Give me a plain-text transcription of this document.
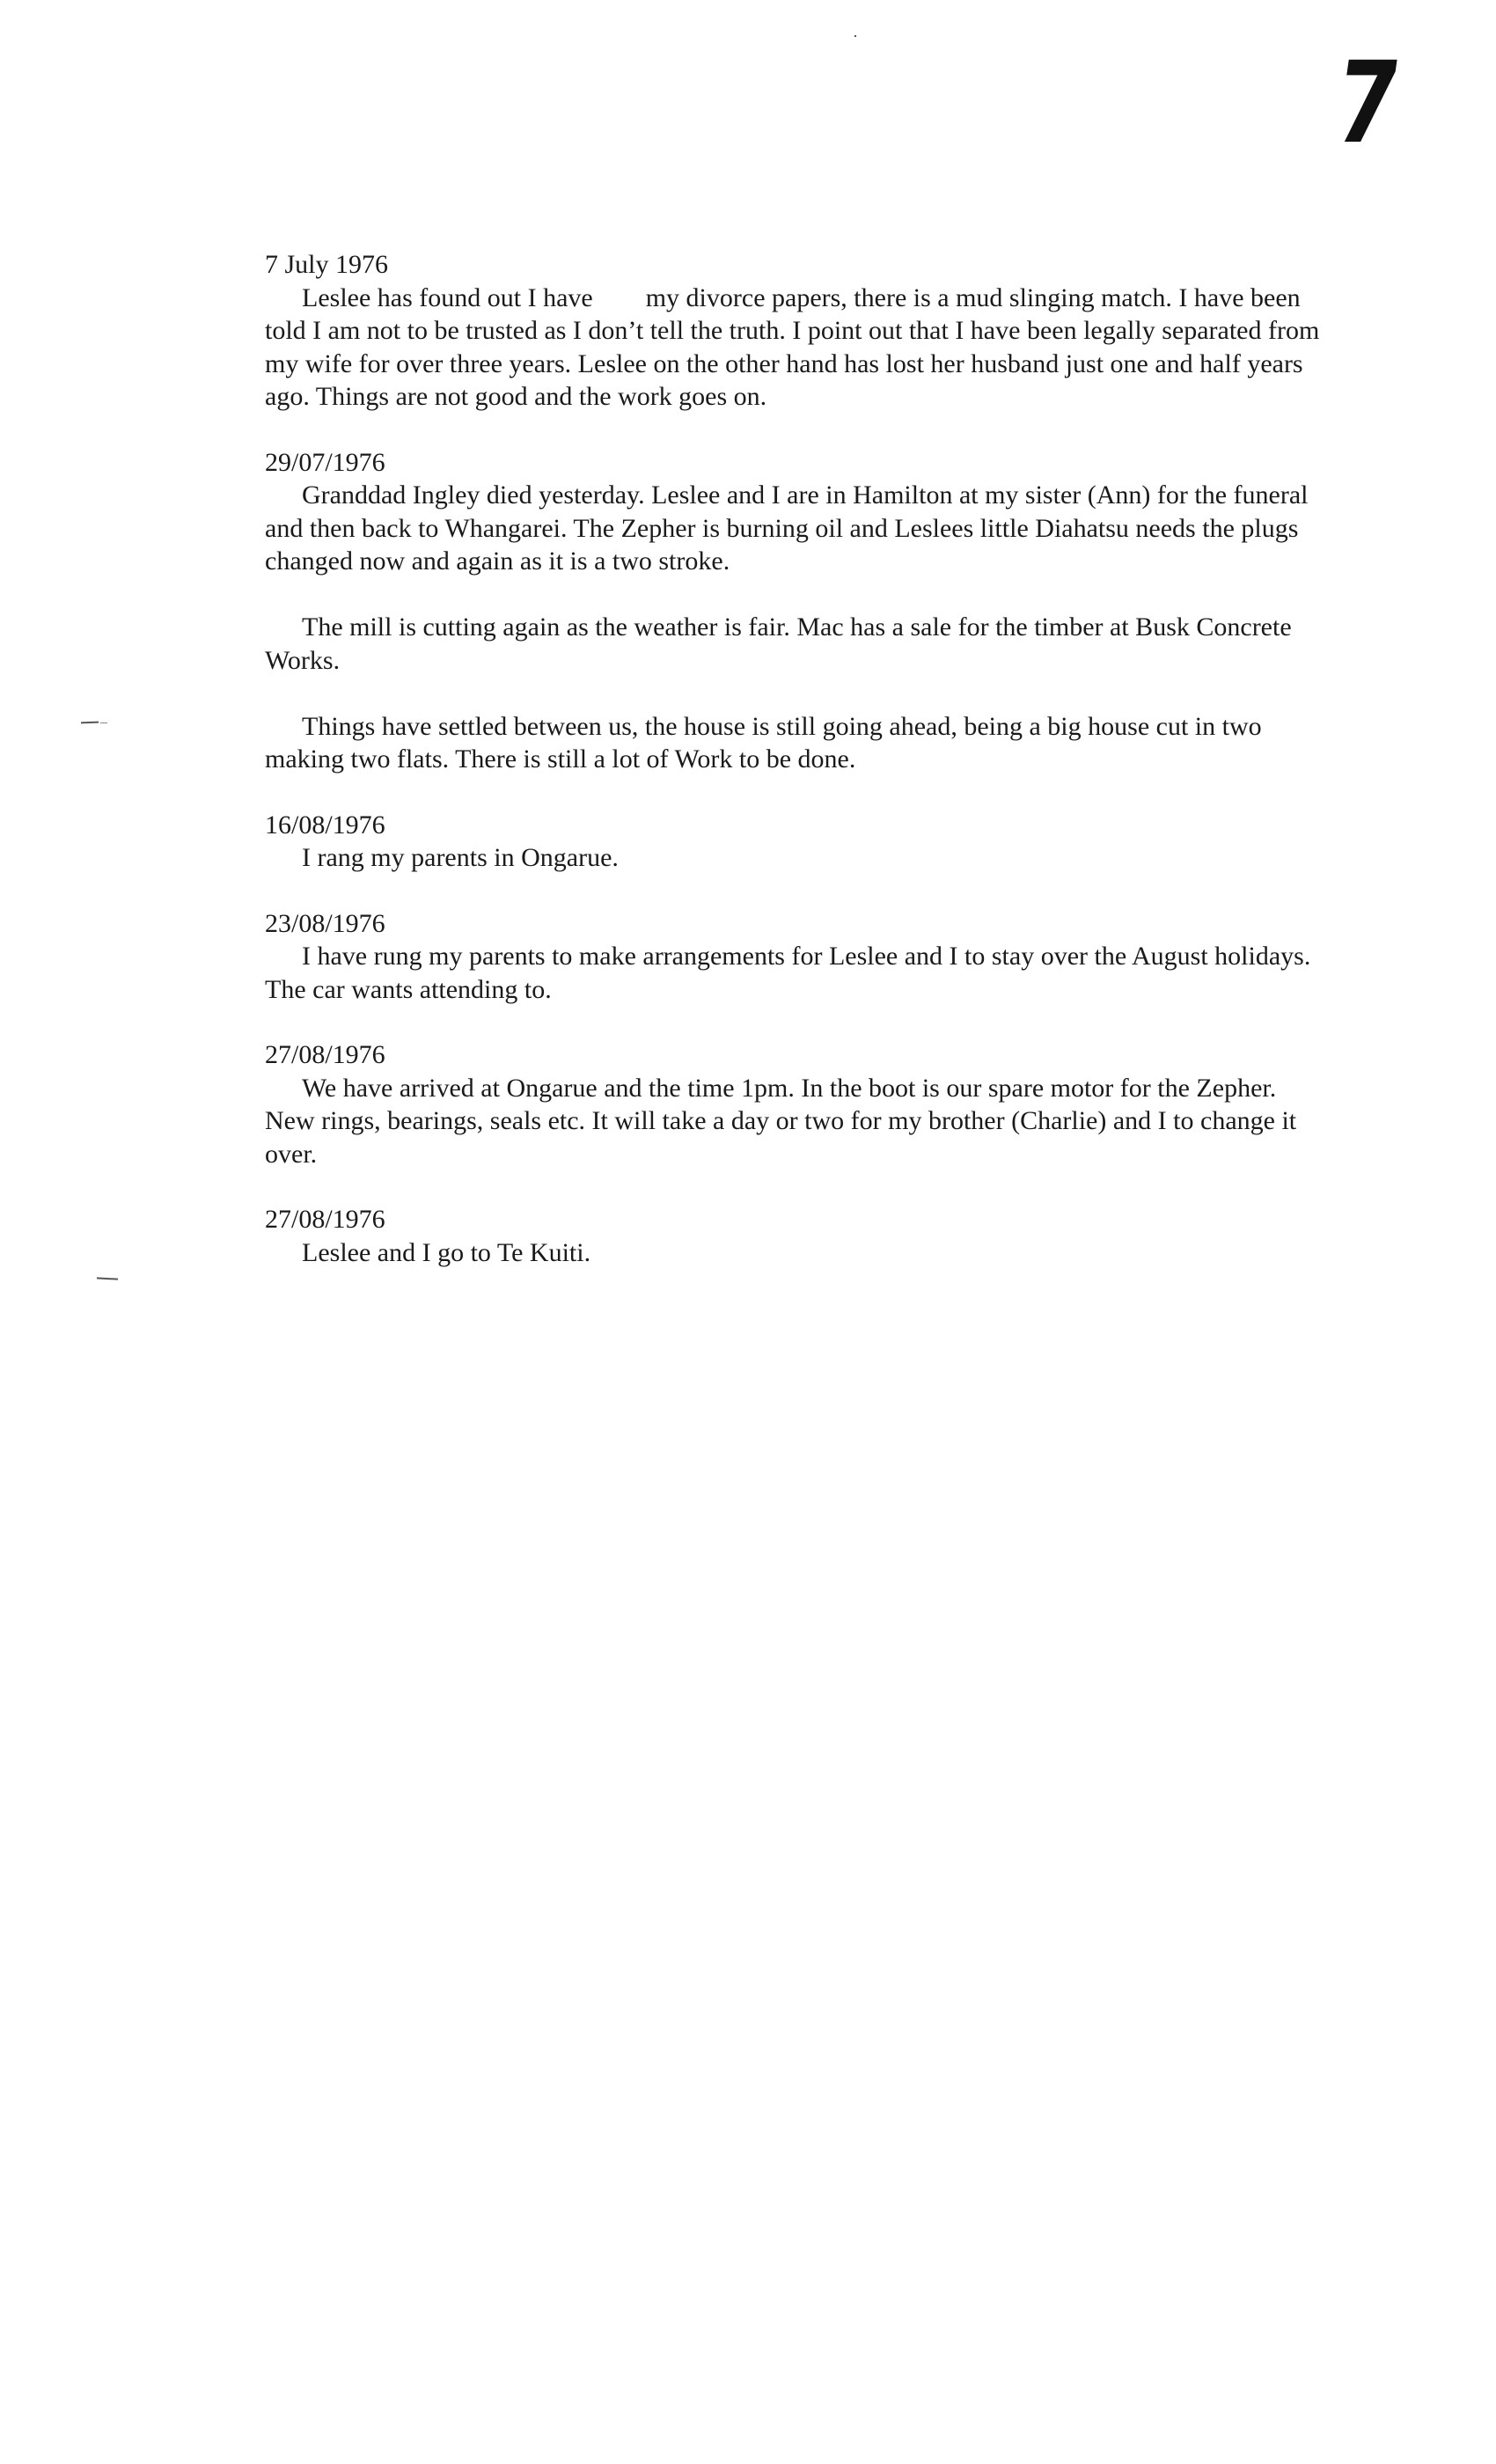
7

7 July 1976

Leslee has found out I have        my divorce papers, there is a mud slinging match. I have been told I am not to be trusted as I don’t tell the truth. I point out that I have been legally separated from my wife for over three years. Leslee on the other hand has lost her husband just one and half years ago. Things are not good and the work goes on.

29/07/1976

Granddad Ingley died yesterday. Leslee and I are in Hamilton at my sister (Ann) for the funeral and then back to Whangarei. The Zepher is burning oil and Leslees little Diahatsu needs the plugs changed now and again as it is a two stroke.

The mill is cutting again as the weather is fair. Mac has a sale for the timber at Busk Concrete Works.

Things have settled between us, the house is still going ahead, being a big house cut in two making two flats. There is still a lot of Work to be done.

16/08/1976

I rang my parents in Ongarue.

23/08/1976

I have rung my parents to make arrangements for Leslee and I to stay over the August holidays. The car wants attending to.

27/08/1976

We have arrived at Ongarue and the time 1pm. In the boot is our spare motor for the Zepher. New rings, bearings, seals etc. It will take a day or two for my brother (Charlie) and I to change it over.

27/08/1976

Leslee and I go to Te Kuiti.
